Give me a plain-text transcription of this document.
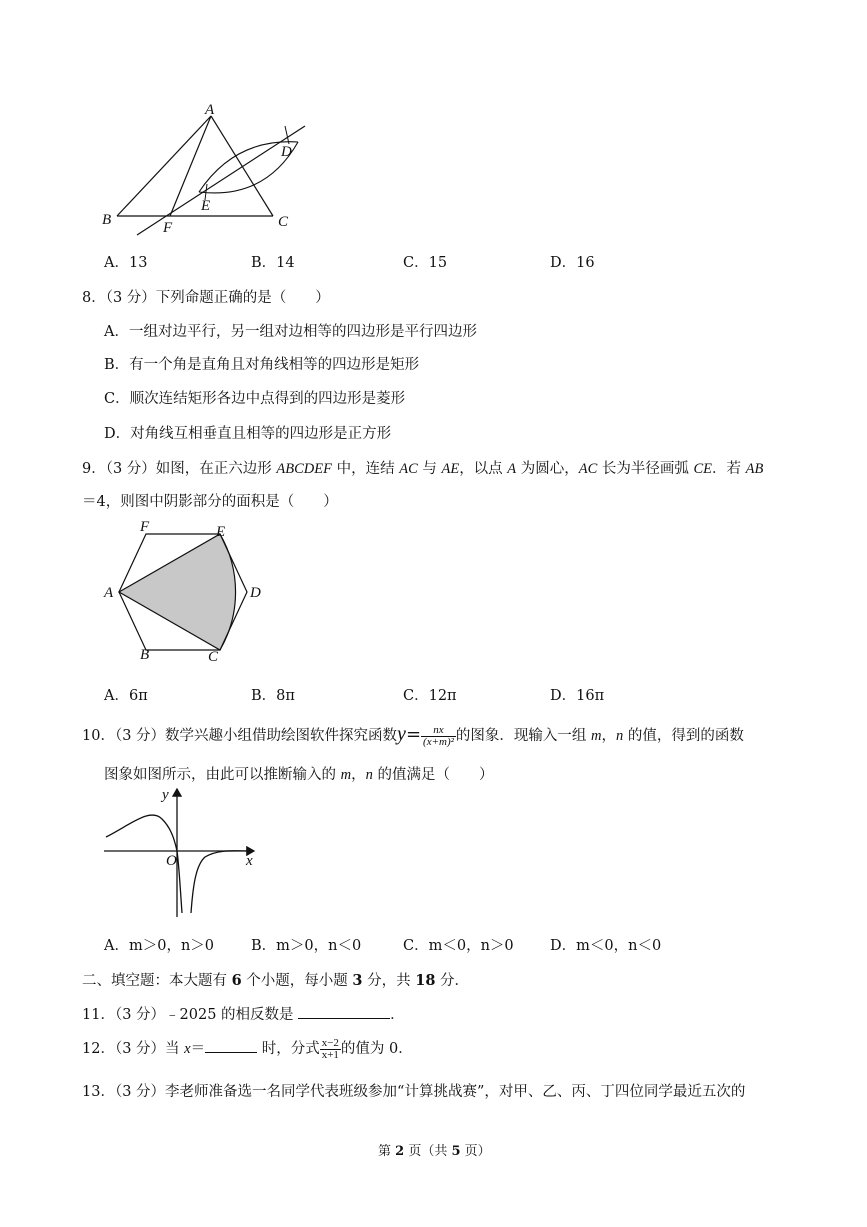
A
B	C
D
E
F
A．13	B．14	C．15	D．16
8．（3 分）下列命题正确的是（　　）
A．一组对边平行，另一组对边相等的四边形是平行四边形
B．有一个角是直角且对角线相等的四边形是矩形
C．顺次连结矩形各边中点得到的四边形是菱形
D．对角线互相垂直且相等的四边形是正方形
9．（3 分）如图，在正六边形 ABCDEF 中，连结 AC 与 AE，以点 A 为圆心，AC 长为半径画弧 CE．若 AB
＝4，则图中阴影部分的面积是（　　）
F	E
A	D
B	C
A．6π	B．8π	C．12π	D．16π
10．（3 分）数学兴趣小组借助绘图软件探究函数$y= \frac{nx}{\text{(x+m)²}}$ 的图象．现输入一组 m，n 的值，得到的函数
图象如图所示，由此可以推断输入的 m，n 的值满足（　　）
y
x
O
A．m＞0，n＞0	B．m＞0，n＜0	C．m＜0，n＞0	D．m＜0，n＜0
二、填空题：本大题有 6 个小题，每小题 3 分，共 18 分．
11．（3 分）﹣2025 的相反数是	．
12．（3 分）当 x＝	时，分式 $\frac{x-2}{x+1}$ 的值为 0．
13．（3 分）李老师准备选一名同学代表班级参加“计算挑战赛”，对甲、乙、丙、丁四位同学最近五次的
第 2 页（共 5 页）
